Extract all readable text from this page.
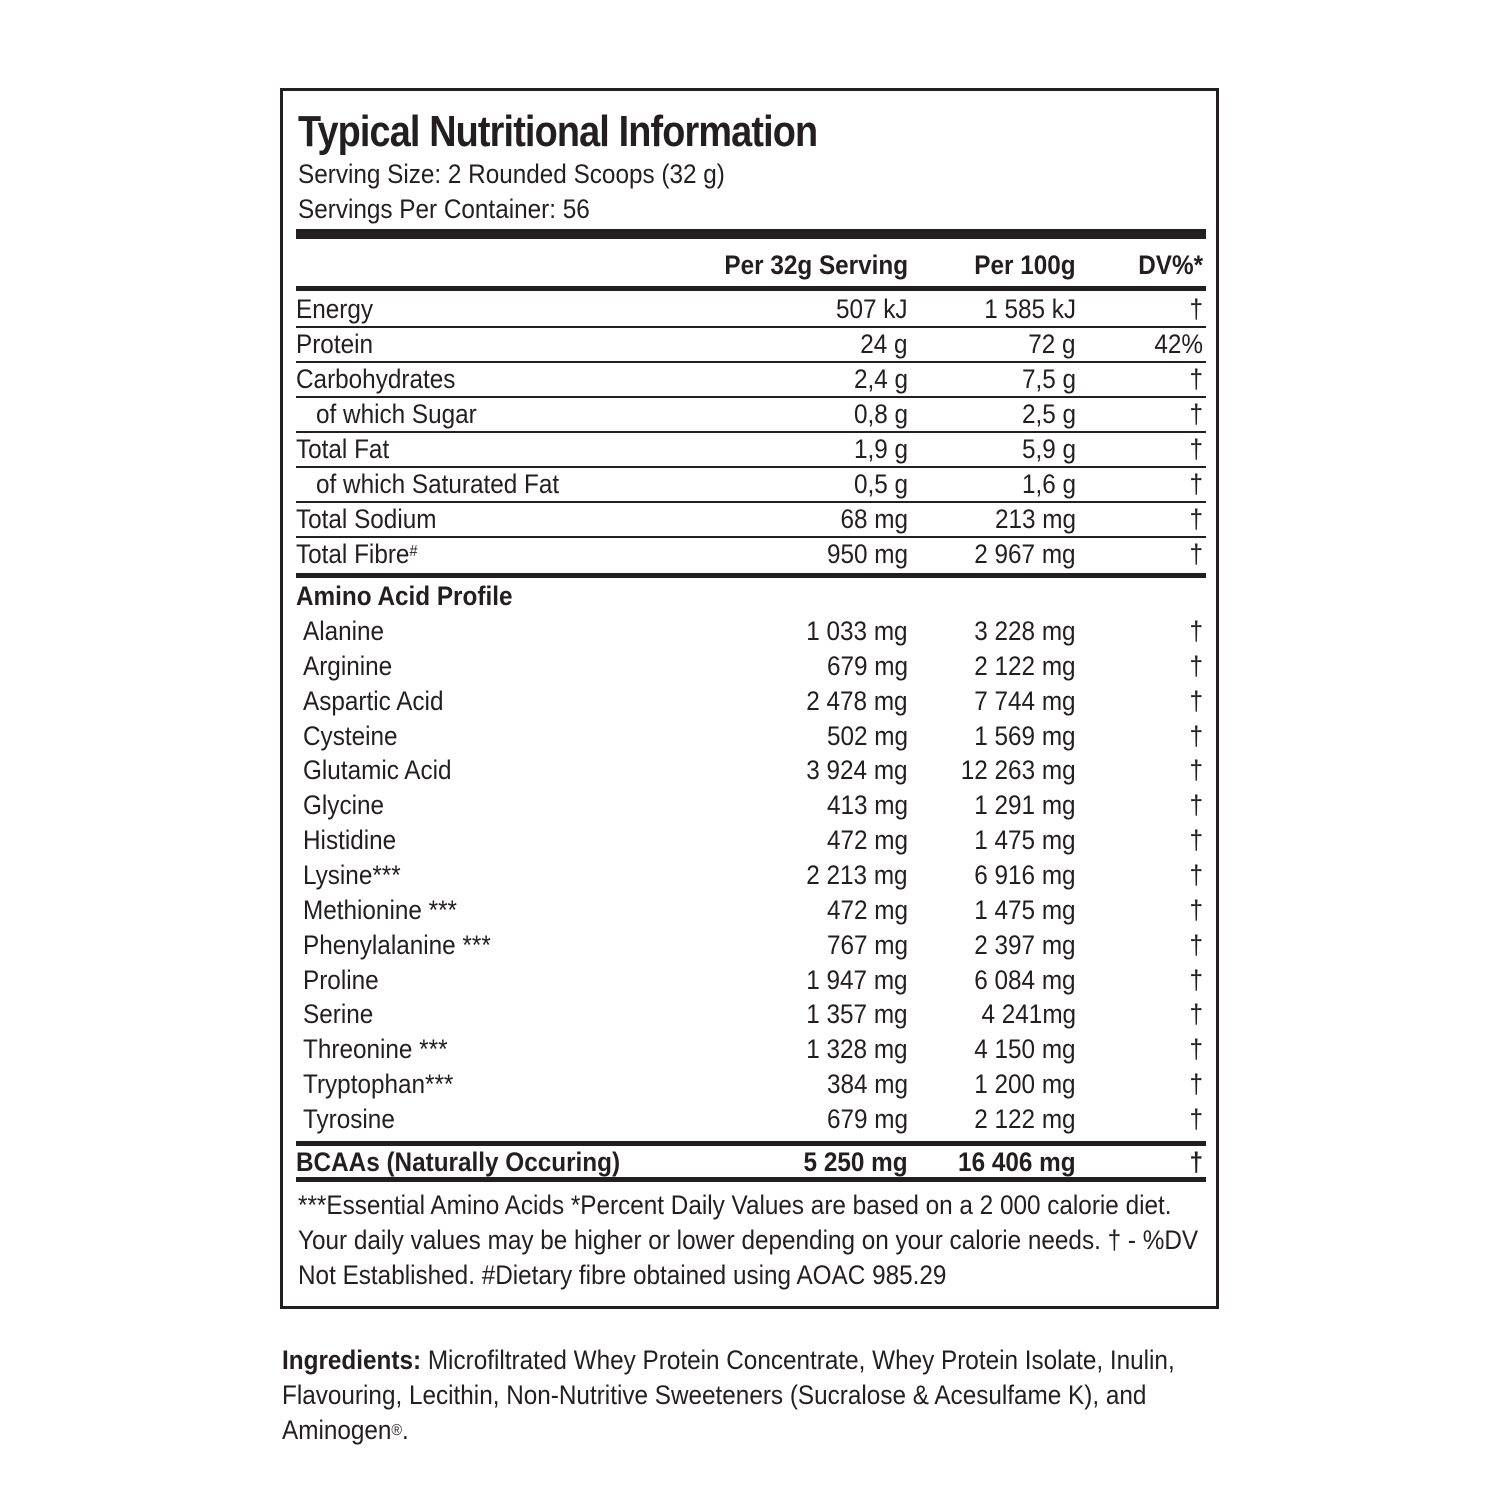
Typical Nutritional Information
Serving Size: 2 Rounded Scoops (32 g)
Servings Per Container: 56
Per 32g Serving	Per 100g DV%*
Energy	507 kJ	1 585 kJ	†
Protein	24 g	72 g	42%
Carbohydrates	2,4 g	7,5 g	†
of which Sugar	0,8 g	2,5 g	†
Total Fat	1,9 g	5,9 g	†
of which Saturated Fat	0,5 g	1,6 g	†
Total Sodium	68 mg	213 mg	†
Total Fibre#	950 mg	2 967 mg	†
Amino Acid Profile
Alanine	1 033 mg	3 228 mg	†
Arginine	679 mg	2 122 mg	†
Aspartic Acid	2 478 mg	7 744 mg	†
Cysteine	502 mg	1 569 mg	†
Glutamic Acid	3 924 mg	12 263 mg	†
Glycine	413 mg	1 291 mg	†
Histidine	472 mg	1 475 mg	†
Lysine***	2 213 mg	6 916 mg	†
Methionine ***	472 mg	1 475 mg	†
Phenylalanine ***	767 mg	2 397 mg	†
Proline	1 947 mg	6 084 mg	†
Serine	1 357 mg	4 241mg	†
Threonine ***	1 328 mg	4 150 mg	†
Tryptophan***	384 mg	1 200 mg	†
Tyrosine	679 mg	2 122 mg	†
BCAAs (Naturally Occuring)	5 250 mg	16 406 mg	†
***Essential Amino Acids *Percent Daily Values are based on a 2 000 calorie diet. Your daily values may be higher or lower depending on your calorie needs. † - %DV Not Established. #Dietary fibre obtained using AOAC 985.29
Ingredients: Microfiltrated Whey Protein Concentrate, Whey Protein Isolate, Inulin, Flavouring, Lecithin, Non-Nutritive Sweeteners (Sucralose & Acesulfame K), and Aminogen®.
